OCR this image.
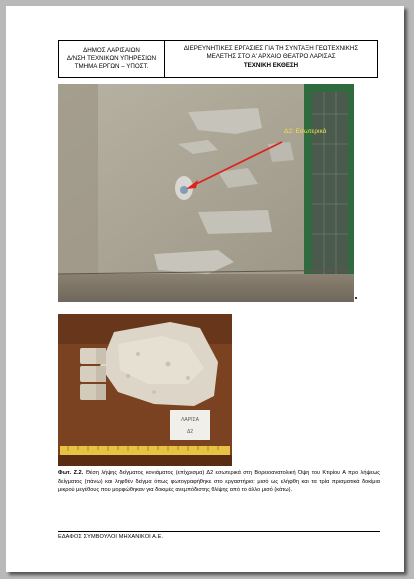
ΔΗΜΟΣ ΛΑΡΙΣΑΙΩΝ
Δ/ΝΣΗ ΤΕΧΝΙΚΩΝ ΥΠΗΡΕΣΙΩΝ
ΤΜΗΜΑ ΕΡΓΩΝ – ΥΠΟΣΤ.
ΔΙΕΡΕΥΝΗΤΙΚΕΣ ΕΡΓΑΣΙΕΣ ΓΙΑ ΤΗ ΣΥΝΤΑΞΗ ΓΕΩΤΕΧΝΙΚΗΣ
ΜΕΛΕΤΗΣ ΣΤΟ Α' ΑΡΧΑΙΟ ΘΕΑΤΡΟ ΛΑΡΙΣΑΣ
ΤΕΧΝΙΚΗ ΕΚΘΕΣΗ
Δ2: Εσωτερικά
ΛΑΡΙΣΑ
Δ2
Φωτ. Ζ.2. Θέση λήψης δείγματος κονιάματος (επίχρισμα) Δ2 εσωτερικά στη Βορειοανατολική Όψη του Κτιρίου Α προ λήψεως δείγματος (πάνω) και ληφθέν δείγμα όπως φωτογραφήθηκε στο εργαστήριο: μισό ως ελήφθη και τα τρία πρισματικά δοκίμια μικρού μεγέθους που μορφώθηκαν για δοκιμές ανεμπόδιστης θλίψης από το άλλο μισό (κάτω).
ΕΔΑΦΟΣ ΣΥΜΒΟΥΛΟΙ ΜΗΧΑΝΙΚΟΙ Α.Ε.
